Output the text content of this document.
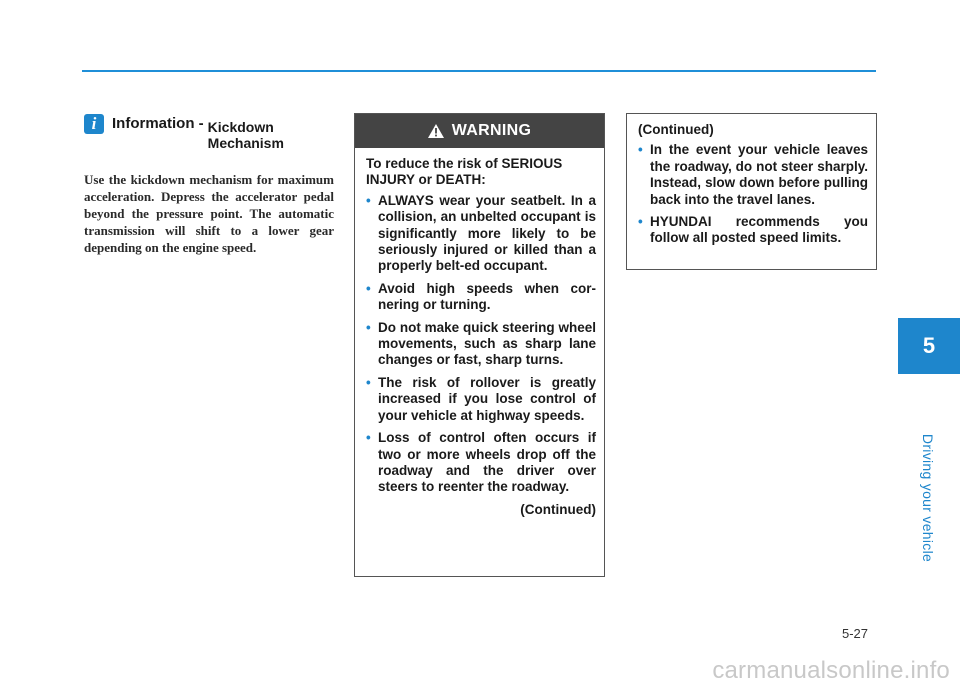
i	Information - Kickdown Mechanism

Use the kickdown mechanism for maximum acceleration. Depress the accelerator pedal beyond the pressure point. The automatic transmission will shift to a lower gear depending on the engine speed.

WARNING

To reduce the risk of SERIOUS INJURY or DEATH:

• ALWAYS wear your seatbelt. In a collision, an unbelted occupant is significantly more likely to be seriously injured or killed than a properly belt-ed occupant.
• Avoid high speeds when cor-nering or turning.
• Do not make quick steering wheel movements, such as sharp lane changes or fast, sharp turns.
• The risk of rollover is greatly increased if you lose control of your vehicle at highway speeds.
• Loss of control often occurs if two or more wheels drop off the roadway and the driver over steers to reenter the roadway.
(Continued)

(Continued)

• In the event your vehicle leaves the roadway, do not steer sharply. Instead, slow down before pulling back into the travel lanes.
• HYUNDAI recommends you follow all posted speed limits.
5
Driving your vehicle
5-27
carmanualsonline.info
